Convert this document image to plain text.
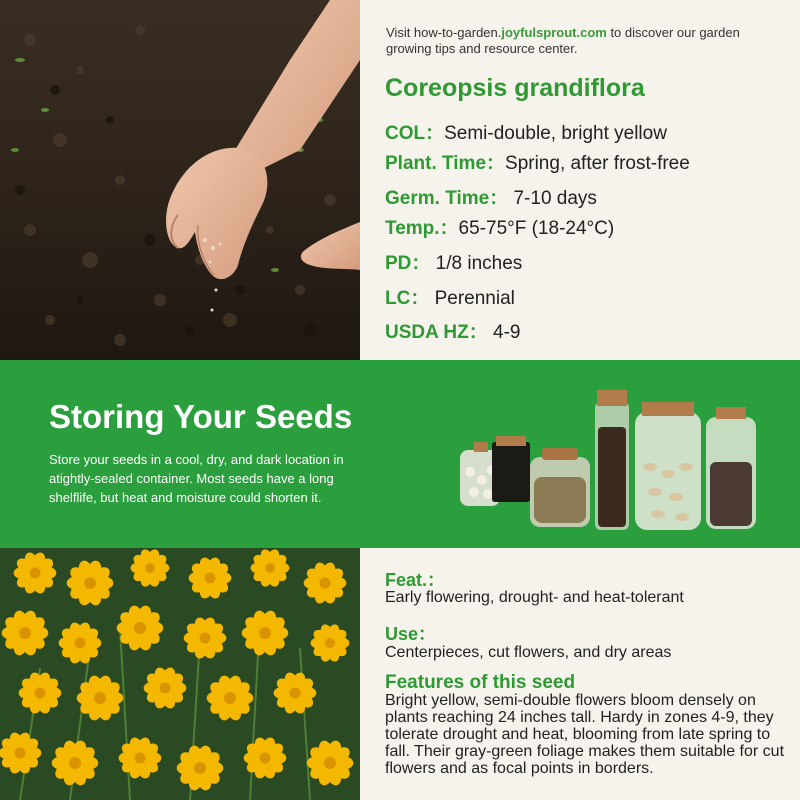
Visit how-to-garden.joyfulsprout.com to discover our garden growing tips and resource center.
Coreopsis grandiflora
COL：Semi-double, bright yellow
Plant. Time：Spring, after frost-free
Germ. Time： 7-10 days
Temp.：65-75°F (18-24°C)
PD： 1/8 inches
LC： Perennial
USDA HZ： 4-9
Storing Your Seeds
Store your seeds in a cool, dry, and dark location in atightly-sealed container. Most seeds have a long shelflife, but heat and moisture could shorten it.
Feat.：
Early flowering, drought- and heat-tolerant
Use：
Centerpieces, cut flowers, and dry areas
Features of this seed
Bright yellow, semi-double flowers bloom densely on plants reaching 24 inches tall. Hardy in zones 4-9, they tolerate drought and heat, blooming from late spring to fall. Their gray-green foliage makes them suitable for cut flowers and as focal points in borders.
